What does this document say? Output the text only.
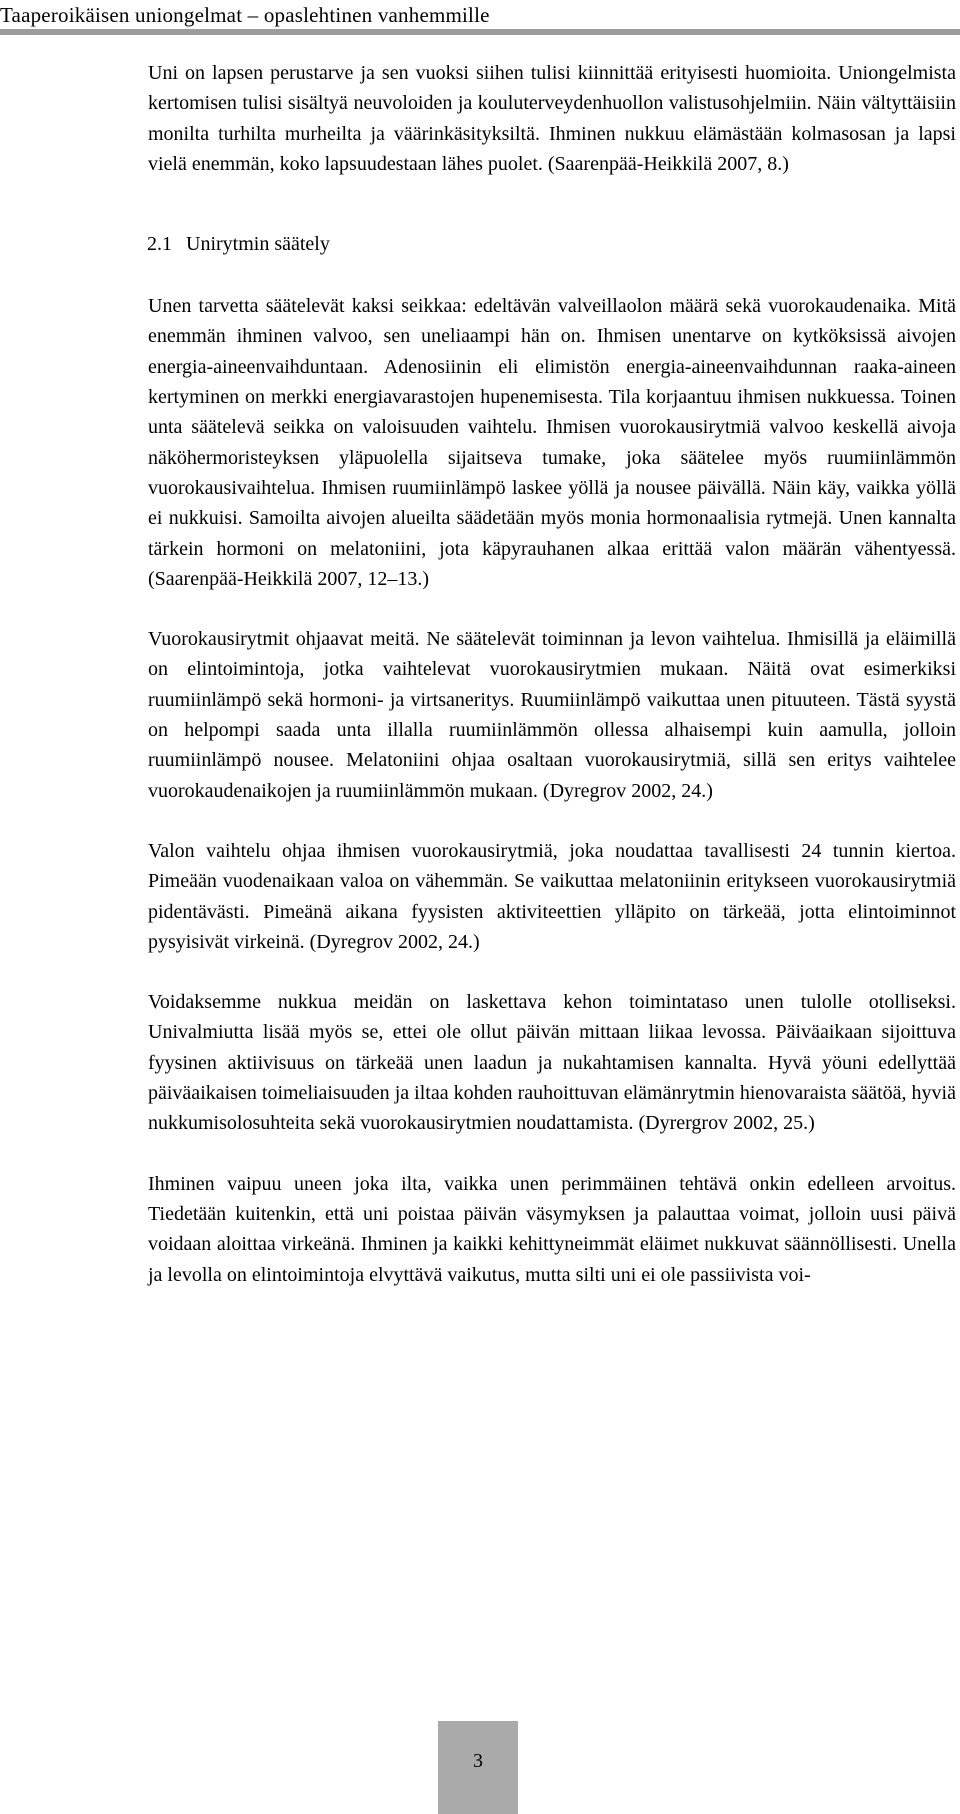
Taaperoikäisen uniongelmat – opaslehtinen vanhemmille

Uni on lapsen perustarve ja sen vuoksi siihen tulisi kiinnittää erityisesti huomioita. Uniongelmista kertomisen tulisi sisältyä neuvoloiden ja kouluterveydenhuollon valistusohjelmiin. Näin vältyttäisiin monilta turhilta murheilta ja väärinkäsityksiltä. Ihminen nukkuu elämästään kolmasosan ja lapsi vielä enemmän, koko lapsuudestaan lähes puolet. (Saarenpää-Heikkilä 2007, 8.)

2.1 Unirytmin säätely

Unen tarvetta säätelevät kaksi seikkaa: edeltävän valveillaolon määrä sekä vuorokaudenaika. Mitä enemmän ihminen valvoo, sen uneliaampi hän on. Ihmisen unentarve on kytköksissä aivojen energia-aineenvaihduntaan. Adenosiinin eli elimistön energia-aineenvaihdunnan raaka-aineen kertyminen on merkki energiavarastojen hupenemisesta. Tila korjaantuu ihmisen nukkuessa. Toinen unta säätelevä seikka on valoisuuden vaihtelu. Ihmisen vuorokausirytmiä valvoo keskellä aivoja näköhermoristeyksen yläpuolella sijaitseva tumake, joka säätelee myös ruumiinlämmön vuorokausivaihtelua. Ihmisen ruumiinlämpö laskee yöllä ja nousee päivällä. Näin käy, vaikka yöllä ei nukkuisi. Samoilta aivojen alueilta säädetään myös monia hormonaalisia rytmejä. Unen kannalta tärkein hormoni on melatoniini, jota käpyrauhanen alkaa erittää valon määrän vähentyessä. (Saarenpää-Heikkilä 2007, 12–13.)

Vuorokausirytmit ohjaavat meitä. Ne säätelevät toiminnan ja levon vaihtelua. Ihmisillä ja eläimillä on elintoimintoja, jotka vaihtelevat vuorokausirytmien mukaan. Näitä ovat esimerkiksi ruumiinlämpö sekä hormoni- ja virtsaneritys. Ruumiinlämpö vaikuttaa unen pituuteen. Tästä syystä on helpompi saada unta illalla ruumiinlämmön ollessa alhaisempi kuin aamulla, jolloin ruumiinlämpö nousee. Melatoniini ohjaa osaltaan vuorokausirytmiä, sillä sen eritys vaihtelee vuorokaudenaikojen ja ruumiinlämmön mukaan. (Dyregrov 2002, 24.)

Valon vaihtelu ohjaa ihmisen vuorokausirytmiä, joka noudattaa tavallisesti 24 tunnin kiertoa. Pimeään vuodenaikaan valoa on vähemmän. Se vaikuttaa melatoniinin eritykseen vuorokausirytmiä pidentävästi. Pimeänä aikana fyysisten aktiviteettien ylläpito on tärkeää, jotta elintoiminnot pysyisivät virkeinä. (Dyregrov 2002, 24.)

Voidaksemme nukkua meidän on laskettava kehon toimintataso unen tulolle otolliseksi. Univalmiutta lisää myös se, ettei ole ollut päivän mittaan liikaa levossa. Päiväaikaan sijoittuva fyysinen aktiivisuus on tärkeää unen laadun ja nukahtamisen kannalta. Hyvä yöuni edellyttää päiväaikaisen toimeliaisuuden ja iltaa kohden rauhoittuvan elämänrytmin hienovaraista säätöä, hyviä nukkumisolosuhteita sekä vuorokausirytmien noudattamista. (Dyrergrov 2002, 25.)

Ihminen vaipuu uneen joka ilta, vaikka unen perimmäinen tehtävä onkin edelleen arvoitus. Tiedetään kuitenkin, että uni poistaa päivän väsymyksen ja palauttaa voimat, jolloin uusi päivä voidaan aloittaa virkeänä. Ihminen ja kaikki kehittyneimmät eläimet nukkuvat säännöllisesti. Unella ja levolla on elintoimintoja elvyttävä vaikutus, mutta silti uni ei ole passiivista voi-

3
